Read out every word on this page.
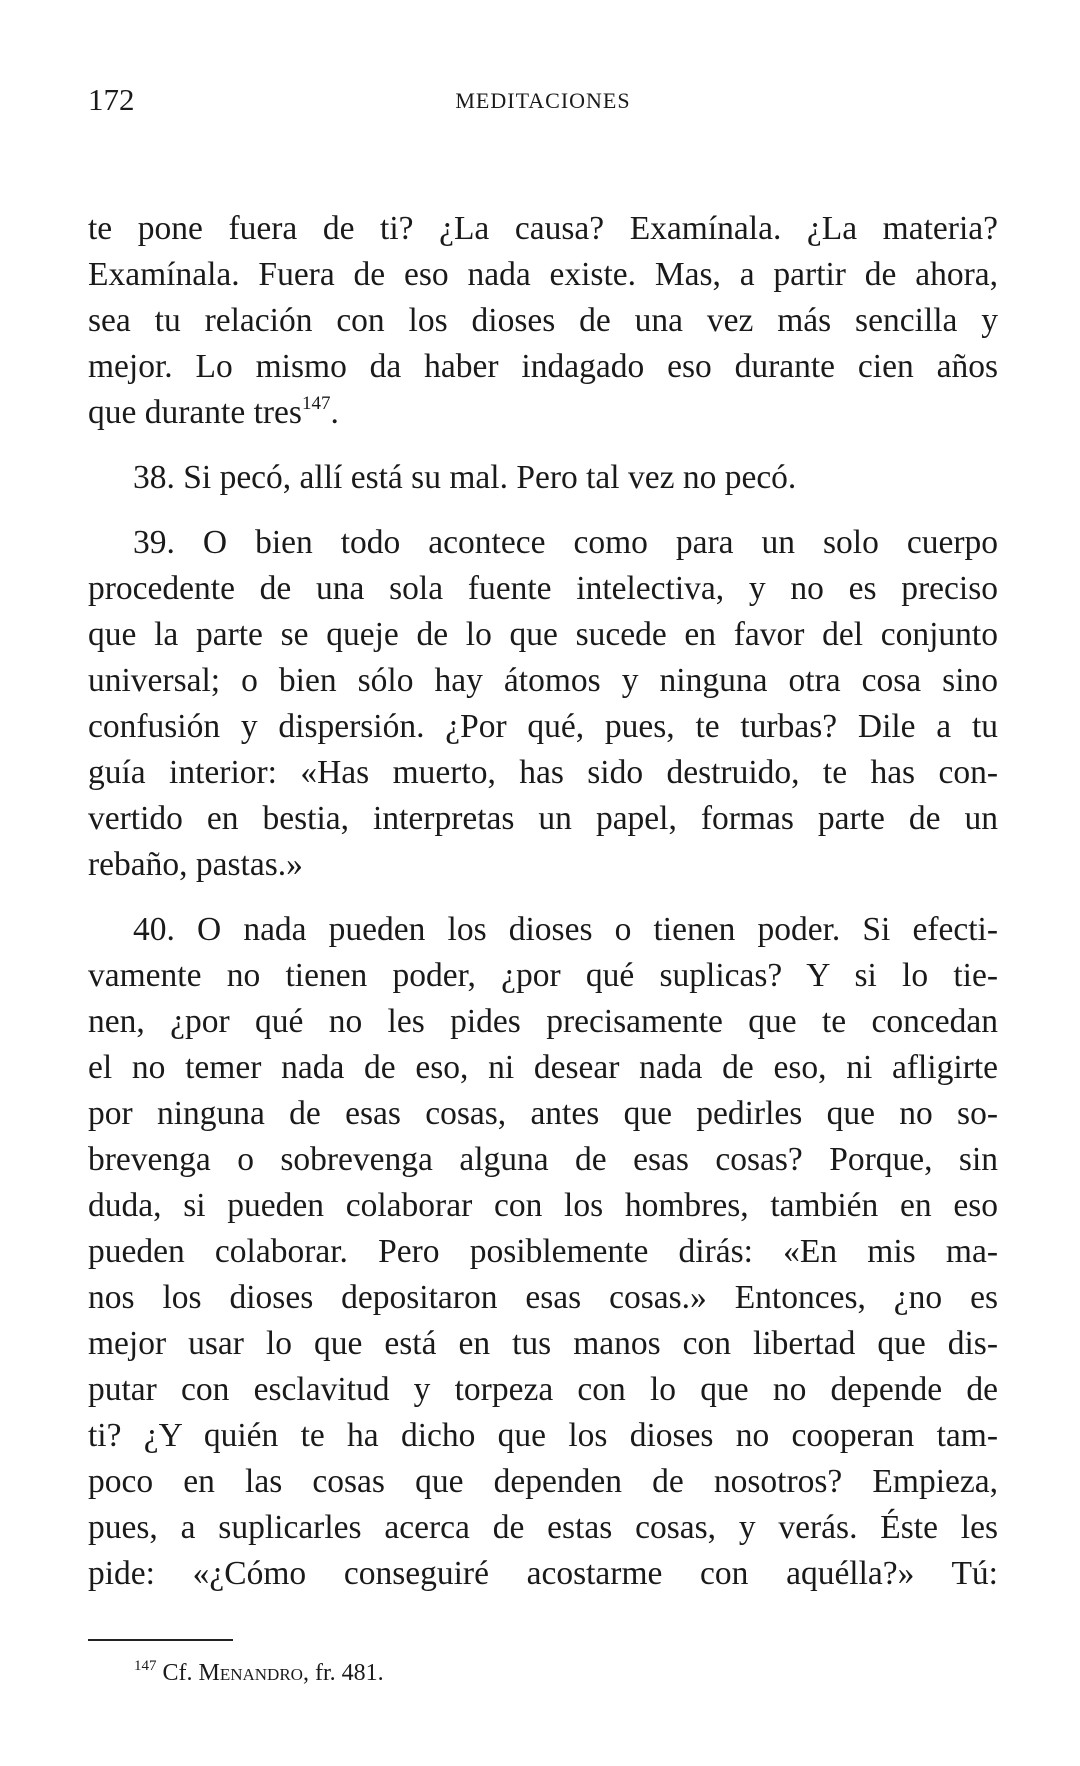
172	MEDITACIONES
te pone fuera de ti? ¿La causa? Examínala. ¿La materia?
Examínala. Fuera de eso nada existe. Mas, a partir de ahora,
sea tu relación con los dioses de una vez más sencilla y
mejor. Lo mismo da haber indagado eso durante cien años
que durante tres$^{147}$.
38. Si pecó, allí está su mal. Pero tal vez no pecó.
39. O bien todo acontece como para un solo cuerpo
procedente de una sola fuente intelectiva, y no es preciso
que la parte se queje de lo que sucede en favor del conjunto
universal; o bien sólo hay átomos y ninguna otra cosa sino
confusión y dispersión. ¿Por qué, pues, te turbas? Dile a tu
guía interior: «Has muerto, has sido destruido, te has con-
vertido en bestia, interpretas un papel, formas parte de un
rebaño, pastas.»
40. O nada pueden los dioses o tienen poder. Si efecti-
vamente no tienen poder, ¿por qué suplicas? Y si lo tie-
nen, ¿por qué no les pides precisamente que te concedan
el no temer nada de eso, ni desear nada de eso, ni afligirte
por ninguna de esas cosas, antes que pedirles que no so-
brevenga o sobrevenga alguna de esas cosas? Porque, sin
duda, si pueden colaborar con los hombres, también en eso
pueden colaborar. Pero posiblemente dirás: «En mis ma-
nos los dioses depositaron esas cosas.» Entonces, ¿no es
mejor usar lo que está en tus manos con libertad que dis-
putar con esclavitud y torpeza con lo que no depende de
ti? ¿Y quién te ha dicho que los dioses no cooperan tam-
poco en las cosas que dependen de nosotros? Empieza,
pues, a suplicarles acerca de estas cosas, y verás. Éste les
pide: «¿Cómo conseguiré acostarme con aquélla?» Tú:
$^{147}$ Cf. Menandro, fr. 481.
